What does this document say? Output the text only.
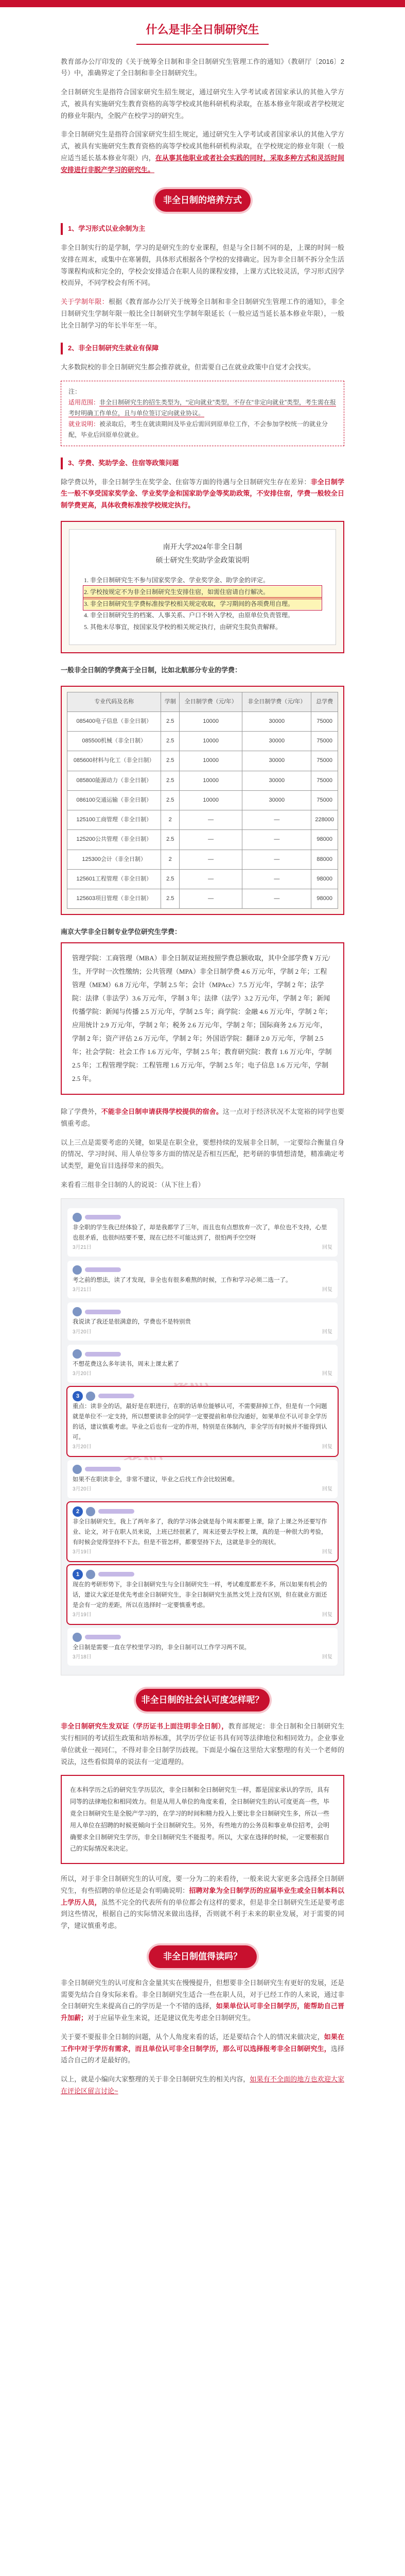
什么是非全日制研究生

教育部办公厅印发的《关于统筹全日制和非全日制研究生管理工作的通知》（教研厅〔2016〕2号）中，准确界定了全日制和非全日制研究生。

全日制研究生是指符合国家研究生招生规定，通过研究生入学考试或者国家承认的其他入学方式，被具有实施研究生教育资格的高等学校或其他科研机构录取，在基本修业年限或者学校规定的修业年限内，全脱产在校学习的研究生。

非全日制研究生是指符合国家研究生招生规定，通过研究生入学考试或者国家承认的其他入学方式，被具有实施研究生教育资格的高等学校或其他科研机构录取，在学校规定的修业年限（一般应适当延长基本修业年限）内，在从事其他职业或者社会实践的同时，采取多种方式和灵活时间安排进行非脱产学习的研究生。

非全日制的培养方式
1、学习形式以业余制为主

非全日制实行的是学制，学习的是研究生的专业课程，但是与全日制不同的是，上课的时间一般安排在周末，或集中在寒暑假，具体形式根据各个学校的安排确定。因为非全日制不拆分全生活等课程构成和完全的，学校会安排适合在职人员的课程安排，上课方式比较灵活，学习形式因学校而异，不同学校会有所不同。

关于学制年限：根据《教育部办公厅关于统筹全日制和非全日制研究生管理工作的通知》，非全日制研究生学制年限一般比全日制研究生学制年限延长（一般应适当延长基本修业年限），一般比全日制学习的年长半年至一年。

2、非全日制研究生就业有保障

大多数院校的非全日制研究生都会推荐就业，但需要自己在就业政策中自觉才会找实。

注：
适用范围：非全日制研究生的招生类型为，“定向就业”类型，不存在“非定向就业”类型，考生需在报考时明确工作单位，且与单位签订定向就业协议。
就业说明：被录取后，考生在就读期间及毕业后需回到原单位工作，不会参加学校统一的就业分配，毕业后回原单位就业。
3、学费、奖助学金、住宿等政策问题

除学费以外，非全日制学生在奖学金、住宿等方面的待遇与全日制研究生存在差异：非全日制学生一般不享受国家奖学金、学业奖学金和国家助学金等奖助政策，不安排住宿，学费一般较全日制学费更高，具体收费标准按学校规定执行。

南开大学2024年非全日制
硕士研究生奖助学金政策说明
1. 非全日制研究生不参与国家奖学金、学业奖学金、助学金的评定。
2. 学校按规定不为非全日制研究生安排住宿，如需住宿请自行解决。
3. 非全日制研究生学费标准按学校相关规定收取，学习期间的各项费用自理。
4. 非全日制研究生的档案、人事关系、户口不转入学校，由原单位负责管理。
5. 其他未尽事宜，按国家及学校的相关规定执行，由研究生院负责解释。
一般非全日制的学费高于全日制，比如北航部分专业的学费：
专业代码及名称	学制	全日制学费（元/年）	非全日制学费（元/年）	总学费
085400电子信息（非全日制）	2.5	10000	30000	75000
085500机械（非全日制）	2.5	10000	30000	75000
085600材料与化工（非全日制）	2.5	10000	30000	75000
085800能源动力（非全日制）	2.5	10000	30000	75000
086100交通运输（非全日制）	2.5	10000	30000	75000
125100工商管理（非全日制）	2	—	—	228000
125200公共管理（非全日制）	2.5	—	—	98000
125300会计（非全日制）	2	—	—	88000
125601工程管理（非全日制）	2.5	—	—	98000
125603项目管理（非全日制）	2.5	—	—	98000
南京大学非全日制专业学位研究生学费：
管理学院：工商管理（MBA）非全日制双证班按照学费总额收取，其中全部学费 ¥ 万元/生，开学时一次性缴纳；公共管理（MPA）非全日制学费 4.6 万元/年，学制 2 年；工程管理（MEM）6.8 万元/年，学制 2.5 年；会计（MPAcc）7.5 万元/年，学制 2 年；法学院：法律（非法学）3.6 万元/年，学制 3 年；法律（法学）3.2 万元/年，学制 2 年；新闻传播学院：新闻与传播 2.5 万元/年，学制 2.5 年；商学院：金融 4.6 万元/年，学制 2 年；应用统计 2.9 万元/年，学制 2 年；税务 2.6 万元/年，学制 2 年；国际商务 2.6 万元/年，学制 2 年；资产评估 2.6 万元/年，学制 2 年；外国语学院：翻译 2.0 万元/年，学制 2.5 年；社会学院：社会工作 1.6 万元/年，学制 2.5 年；教育研究院：教育 1.6 万元/年，学制 2.5 年；工程管理学院：工程管理 1.6 万元/年，学制 2.5 年；电子信息 1.6 万元/年，学制 2.5 年。

除了学费外，不能非全日制申请获得学校提供的宿舍。这一点对于经济状况不太宽裕的同学也要慎重考虑。

以上三点是需要考虑的关键，如果是在职全业，要想持续的发展非全日制，一定要综合衡量自身的情况、学习时间、用人单位等多方面的情况是否相互匹配，把考研的事情想清楚，精准确定考试类型，避免盲目选择带来的损失。

来看看三组非全日制的人的说说：（从下往上看）

考研
非全职的学生我已经体验了，却是我都学了三年，而且也有点想放弃一次了，单位也不支持，心里也很矛盾，也很纠结要不要，现在已经不可能达到了，很怕两手空空呀
3月21日	回复
考之前的想法，读了才发现，非全也有很多难熬的时候，工作和学习必须二选一了。
3月21日	回复
我说读了我还是很满意的，学费也不是特别贵
3月20日	回复
不想花费这么多年读书，周末上课太累了
3月20日	回复
3
重点：读非全的话，最好是在职进行，在职的话单位能够认可，不需要辞掉工作，但是有一个问题就是单位不一定支持，所以想要读非全的同学一定要提前和单位沟通好，如果单位不认可非全学历的话，建议慎重考虑。毕业之后也有一定的作用，特别是在体制内，非全学历有时候并不能得到认可。
3月20日	回复
如果不在职读非全，非常不建议，毕业之后找工作会比较困难。
3月20日	回复
2
非全日制研究生，我上了两年多了，我的学习体会就是每个周末都要上课，除了上课之外还要写作业、论文，对于在职人员来说，上班已经很累了，周末还要去学校上课，真的是一种很大的考验，有时候会觉得坚持不下去。但是不管怎样，都要坚持下去，这就是非全的现状。
3月19日	回复
1
现在的考研形势下，非全日制研究生与全日制研究生一样，考试难度都差不多，所以如果有机会的话，建议大家还是优先考虑全日制研究生，非全日制研究生虽然文凭上没有区别，但在就业方面还是会有一定的差距，所以在选择时一定要慎重考虑。
3月19日	回复
全日制是需要一直在学校里学习的，非全日制可以工作学习两不误。
3月18日	回复
非全日制的社会认可度怎样呢？

非全日制研究生发双证（学历证书上面注明非全日制），教育部规定：非全日制和全日制研究生实行相同的考试招生政策和培养标准，其学历学位证书具有同等法律地位和相同效力。企业事业单位就业一视同仁，不得对非全日制学历歧视。下面是小编在这里给大家整理的有关一个老师的说法，这些看似简单的说法有一定道理的。

在本科学历之后的研究生学历层次，非全日制和全日制研究生一样，都是国家承认的学历，具有同等的法律地位和相同效力。但是从用人单位的角度来看，全日制研究生的认可度更高一些，毕竟全日制研究生是全脱产学习的，在学习的时间和精力投入上要比非全日制研究生多，所以一些用人单位在招聘的时候更倾向于全日制研究生。另外，有些地方的公务员和事业单位招考，会明确要求全日制研究生学历，非全日制研究生不能报考。所以，大家在选择的时候，一定要根据自己的实际情况来决定。

所以，对于非全日制研究生的认可度，要一分为二的来看待，一般来说大家更多会选择全日制研究生，有些招聘的单位还是会有明确说明：招聘对象为全日制学历的应届毕业生或全日制本科以上学历人员，虽然不完全的代表所有的单位都会有这样的要求，但是非全日制研究生还是要考虑到这些情况，根据自己的实际情况来做出选择，否则就不利于未来的职业发展，对于需要的同学，建议慎重考虑。

非全日制值得读吗？

非全日制研究生的认可度和含金量其实在慢慢提升，但想要非全日制研究生有更好的发展，还是需要先结合自身实际来看。非全日制研究生适合一些在职人员，对于已经工作的人来说，通过非全日制研究生来提高自己的学历是一个不错的选择，如果单位认可非全日制学历，能帮助自己晋升加薪；对于应届毕业生来说，还是建议优先考虑全日制研究生。

关于要不要报非全日制的问题，从个人角度来看的话，还是要结合个人的情况来做决定，如果在工作中对于学历有需求，而且单位认可非全日制学历，那么可以选择报考非全日制研究生，选择适合自己的才是最好的。

以上，就是小编向大家整理的关于非全日制研究生的相关内容，如果有不全面的地方也欢迎大家在评论区留言讨论~
